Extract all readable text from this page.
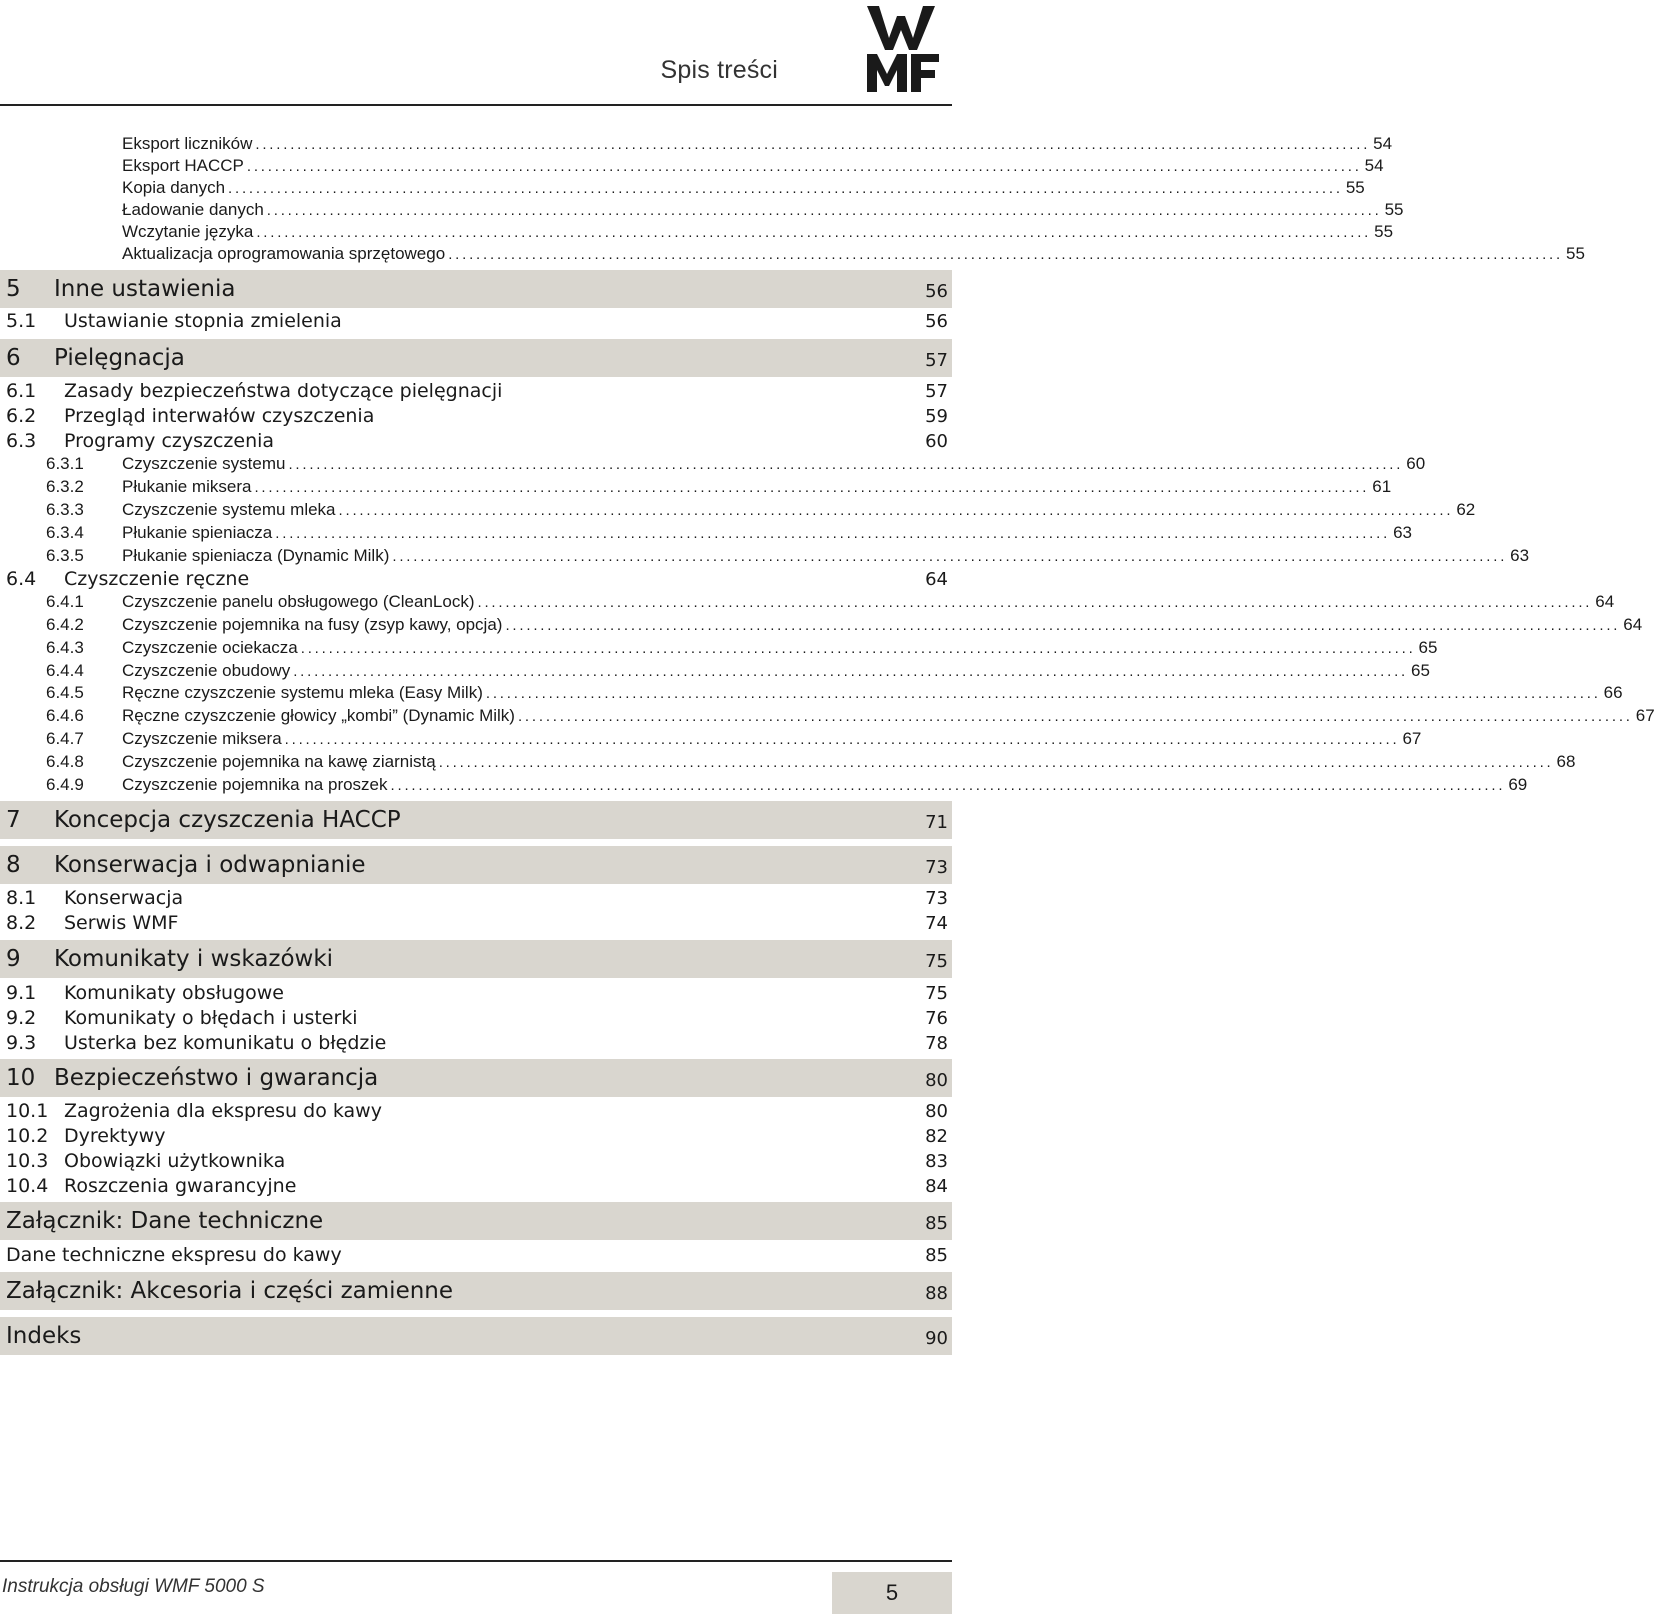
Spis treści
Eksport liczników ................................................................................................................................................................ 54
Eksport HACCP ................................................................................................................................................................ 54
Kopia danych ................................................................................................................................................................ 55
Ładowanie danych ................................................................................................................................................................ 55
Wczytanie języka ................................................................................................................................................................ 55
Aktualizacja oprogramowania sprzętowego ................................................................................................................................................................ 55
5 Inne ustawienia	56
5.1 Ustawianie stopnia zmielenia	56
6 Pielęgnacja	57
6.1 Zasady bezpieczeństwa dotyczące pielęgnacji	57
6.2 Przegląd interwałów czyszczenia	59
6.3 Programy czyszczenia	60
6.3.1	Czyszczenie systemu ................................................................................................................................................................ 60
6.3.2	Płukanie miksera ................................................................................................................................................................ 61
6.3.3	Czyszczenie systemu mleka ................................................................................................................................................................ 62
6.3.4	Płukanie spieniacza ................................................................................................................................................................ 63
6.3.5	Płukanie spieniacza (Dynamic Milk) ................................................................................................................................................................ 63
6.4 Czyszczenie ręczne	64
6.4.1	Czyszczenie panelu obsługowego (CleanLock) ................................................................................................................................................................ 64
6.4.2	Czyszczenie pojemnika na fusy (zsyp kawy, opcja) ................................................................................................................................................................ 64
6.4.3	Czyszczenie ociekacza ................................................................................................................................................................ 65
6.4.4	Czyszczenie obudowy ................................................................................................................................................................ 65
6.4.5	Ręczne czyszczenie systemu mleka (Easy Milk) ................................................................................................................................................................ 66
6.4.6	Ręczne czyszczenie głowicy „kombi” (Dynamic Milk) ................................................................................................................................................................ 67
6.4.7	Czyszczenie miksera ................................................................................................................................................................ 67
6.4.8	Czyszczenie pojemnika na kawę ziarnistą ................................................................................................................................................................ 68
6.4.9	Czyszczenie pojemnika na proszek ................................................................................................................................................................ 69
7 Koncepcja czyszczenia HACCP	71
8 Konserwacja i odwapnianie	73
8.1 Konserwacja	73
8.2 Serwis WMF	74
9 Komunikaty i wskazówki	75
9.1 Komunikaty obsługowe	75
9.2 Komunikaty o błędach i usterki	76
9.3 Usterka bez komunikatu o błędzie	78
10 Bezpieczeństwo i gwarancja	80
10.1 Zagrożenia dla ekspresu do kawy	80
10.2 Dyrektywy	82
10.3 Obowiązki użytkownika	83
10.4 Roszczenia gwarancyjne	84
Załącznik: Dane techniczne	85
Dane techniczne ekspresu do kawy	85
Załącznik: Akcesoria i części zamienne	88
Indeks	90
Instrukcja obsługi WMF 5000 S	5
